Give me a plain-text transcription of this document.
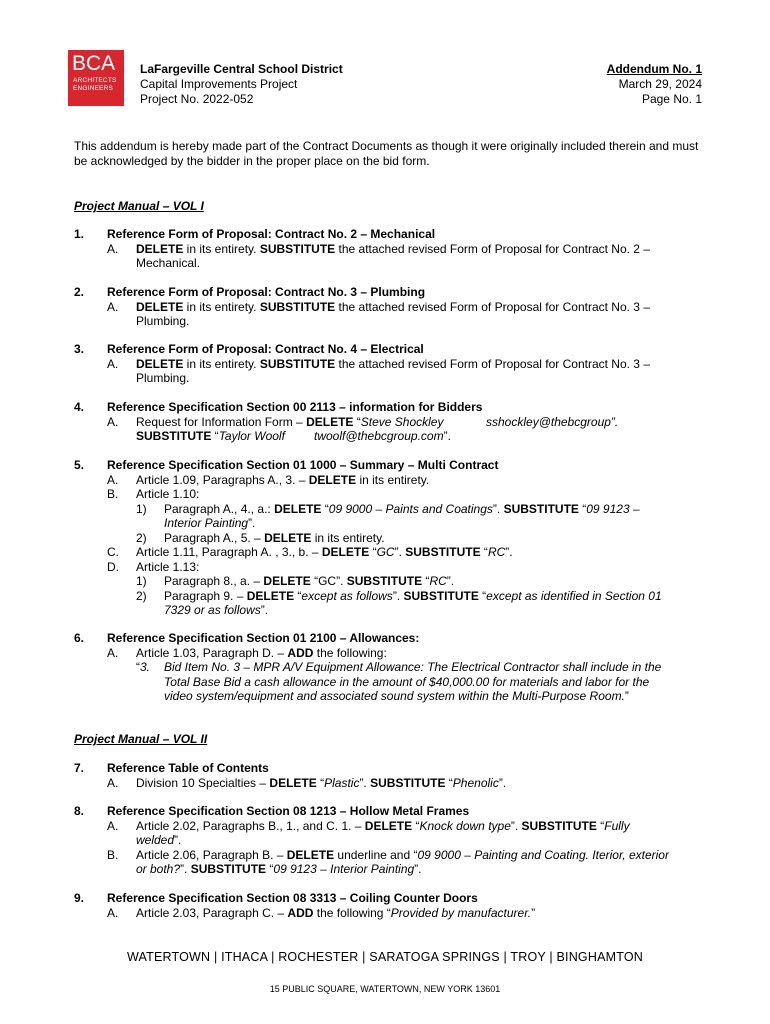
BCA
ARCHITECTS
ENGINEERS
LaFargeville Central School District
Capital Improvements Project
Project No. 2022-052
Addendum No. 1
March 29, 2024
Page No. 1
This addendum is hereby made part of the Contract Documents as though it were originally included therein and must be acknowledged by the bidder in the proper place on the bid form.
Project Manual – VOL I
1. Reference Form of Proposal: Contract No. 2 – Mechanical
A. DELETE in its entirety. SUBSTITUTE the attached revised Form of Proposal for Contract No. 2 –
Mechanical.
2. Reference Form of Proposal: Contract No. 3 – Plumbing
A. DELETE in its entirety. SUBSTITUTE the attached revised Form of Proposal for Contract No. 3 –
Plumbing.
3. Reference Form of Proposal: Contract No. 4 – Electrical
A. DELETE in its entirety. SUBSTITUTE the attached revised Form of Proposal for Contract No. 3 –
Plumbing.
4. Reference Specification Section 00 2113 – information for Bidders
A. Request for Information Form – DELETE “Steve Shockley	sshockley@thebcgroup”.
SUBSTITUTE “Taylor Woolf twoolf@thebcgroup.com”.
5. Reference Specification Section 01 1000 – Summary – Multi Contract
A. Article 1.09, Paragraphs A., 3. – DELETE in its entirety.
B. Article 1.10:
1) Paragraph A., 4., a.: DELETE “09 9000 – Paints and Coatings”. SUBSTITUTE “09 9123 –
Interior Painting”.
2) Paragraph A., 5. – DELETE in its entirety.
C. Article 1.11, Paragraph A. , 3., b. – DELETE “GC”. SUBSTITUTE “RC”.
D. Article 1.13:
1) Paragraph 8., a. – DELETE “GC”. SUBSTITUTE “RC”.
2) Paragraph 9. – DELETE “except as follows”. SUBSTITUTE “except as identified in Section 01
7329 or as follows”.
6. Reference Specification Section 01 2100 – Allowances:
A. Article 1.03, Paragraph D. – ADD the following:
“3. Bid Item No. 3 – MPR A/V Equipment Allowance: The Electrical Contractor shall include in the
Total Base Bid a cash allowance in the amount of $40,000.00 for materials and labor for the
video system/equipment and associated sound system within the Multi-Purpose Room.”
Project Manual – VOL II
7. Reference Table of Contents
A. Division 10 Specialties – DELETE “Plastic”. SUBSTITUTE “Phenolic”.
8. Reference Specification Section 08 1213 – Hollow Metal Frames
A. Article 2.02, Paragraphs B., 1., and C. 1. – DELETE “Knock down type”. SUBSTITUTE “Fully
welded”.
B. Article 2.06, Paragraph B. – DELETE underline and “09 9000 – Painting and Coating. Iterior, exterior
or both?”. SUBSTITUTE “09 9123 – Interior Painting”.
9. Reference Specification Section 08 3313 – Coiling Counter Doors
A. Article 2.03, Paragraph C. – ADD the following “Provided by manufacturer.”
WATERTOWN | ITHACA | ROCHESTER | SARATOGA SPRINGS | TROY | BINGHAMTON
15 PUBLIC SQUARE, WATERTOWN, NEW YORK 13601
